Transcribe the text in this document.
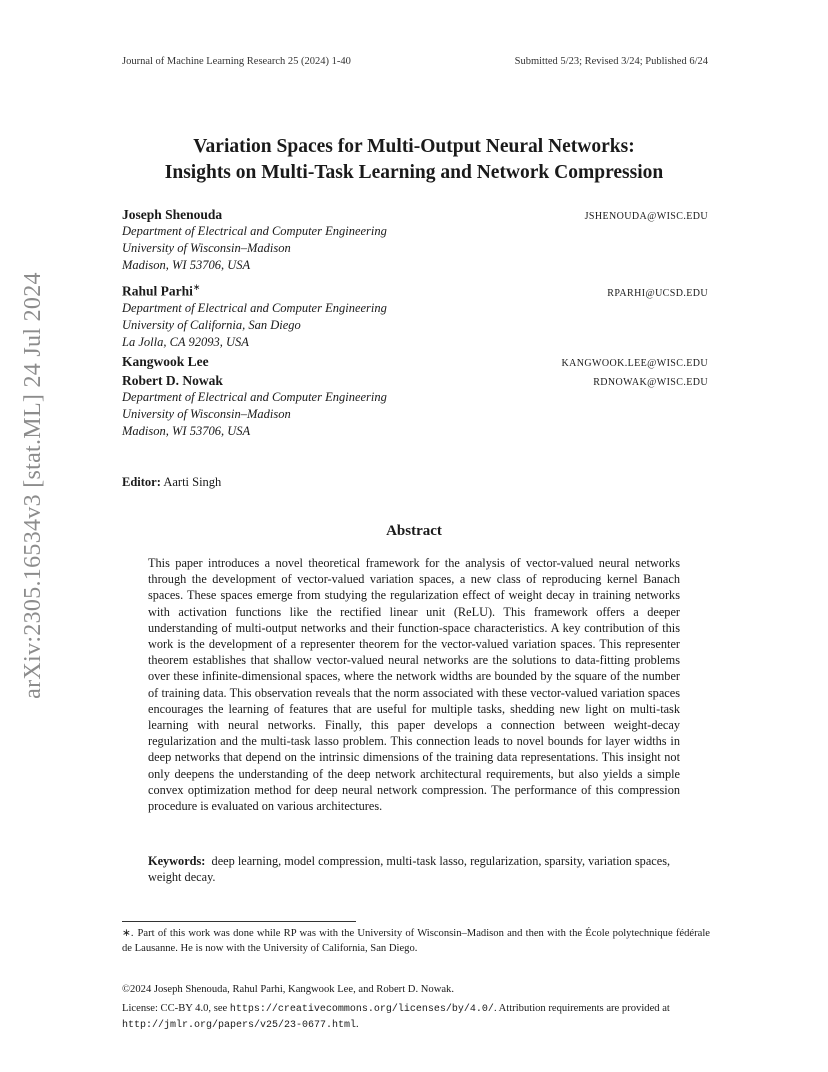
arXiv:2305.16534v3 [stat.ML] 24 Jul 2024
Journal of Machine Learning Research 25 (2024) 1-40	Submitted 5/23; Revised 3/24; Published 6/24
Variation Spaces for Multi-Output Neural Networks:
Insights on Multi-Task Learning and Network Compression
Joseph Shenouda	JSHENOUDA@WISC.EDU
Department of Electrical and Computer Engineering
University of Wisconsin–Madison
Madison, WI 53706, USA
Rahul Parhi∗
RPARHI@UCSD.EDU
Department of Electrical and Computer Engineering
University of California, San Diego
La Jolla, CA 92093, USA
Kangwook Lee	KANGWOOK.LEE@WISC.EDU
Robert D. Nowak	RDNOWAK@WISC.EDU
Department of Electrical and Computer Engineering
University of Wisconsin–Madison
Madison, WI 53706, USA
Editor: Aarti Singh
Abstract
This paper introduces a novel theoretical framework for the analysis of vector-valued neural networks through the development of vector-valued variation spaces, a new class of reproducing kernel Banach spaces. These spaces emerge from studying the regularization effect of weight decay in training networks with activation functions like the rectified linear unit (ReLU). This framework offers a deeper understanding of multi-output networks and their function-space characteristics. A key contribution of this work is the development of a representer theorem for the vector-valued variation spaces. This representer theorem establishes that shallow vector-valued neural networks are the solutions to data-fitting problems over these infinite-dimensional spaces, where the network widths are bounded by the square of the number of training data. This observation reveals that the norm associated with these vector-valued variation spaces encourages the learning of features that are useful for multiple tasks, shedding new light on multi-task learning with neural networks. Finally, this paper develops a connection between weight-decay regularization and the multi-task lasso problem. This connection leads to novel bounds for layer widths in deep networks that depend on the intrinsic dimensions of the training data representations. This insight not only deepens the understanding of the deep network architectural requirements, but also yields a simple convex optimization method for deep neural network compression. The performance of this compression procedure is evaluated on various architectures.
Keywords: deep learning, model compression, multi-task lasso, regularization, sparsity, variation spaces, weight decay.
∗. Part of this work was done while RP was with the University of Wisconsin–Madison and then with the École polytechnique fédérale de Lausanne. He is now with the University of California, San Diego.
©2024 Joseph Shenouda, Rahul Parhi, Kangwook Lee, and Robert D. Nowak.
License: CC-BY 4.0, see https://creativecommons.org/licenses/by/4.0/. Attribution requirements are provided at http://jmlr.org/papers/v25/23-0677.html.
